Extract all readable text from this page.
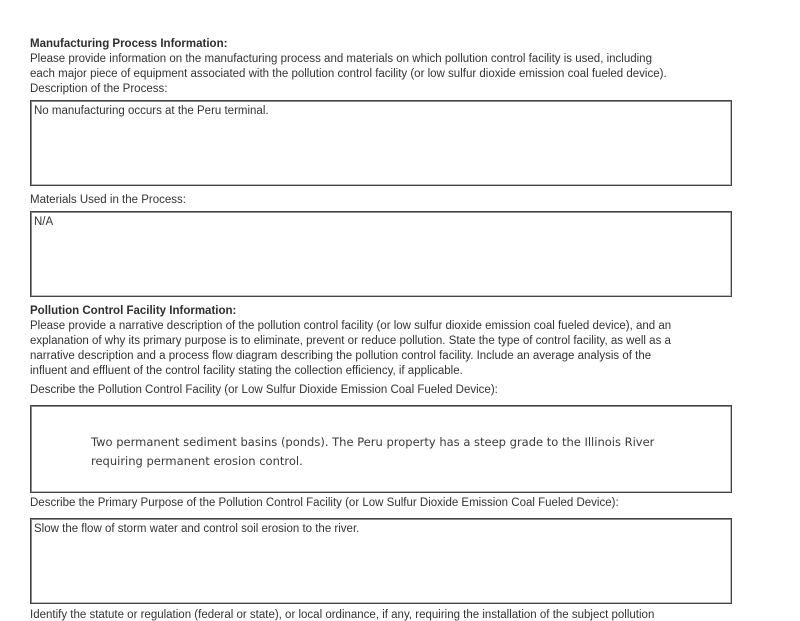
Manufacturing Process Information:
Please provide information on the manufacturing process and materials on which pollution control facility is used, including
each major piece of equipment associated with the pollution control facility (or low sulfur dioxide emission coal fueled device).
Description of the Process:
No manufacturing occurs at the Peru terminal.
Materials Used in the Process:
N/A
Pollution Control Facility Information:
Please provide a narrative description of the pollution control facility (or low sulfur dioxide emission coal fueled device), and an
explanation of why its primary purpose is to eliminate, prevent or reduce pollution. State the type of control facility, as well as a
narrative description and a process flow diagram describing the pollution control facility. Include an average analysis of the
influent and effluent of the control facility stating the collection efficiency, if applicable.
Describe the Pollution Control Facility (or Low Sulfur Dioxide Emission Coal Fueled Device):
Two permanent sediment basins (ponds). The Peru property has a steep grade to the Illinois River
requiring permanent erosion control.
Describe the Primary Purpose of the Pollution Control Facility (or Low Sulfur Dioxide Emission Coal Fueled Device):
Slow the flow of storm water and control soil erosion to the river.
Identify the statute or regulation (federal or state), or local ordinance, if any, requiring the installation of the subject pollution
